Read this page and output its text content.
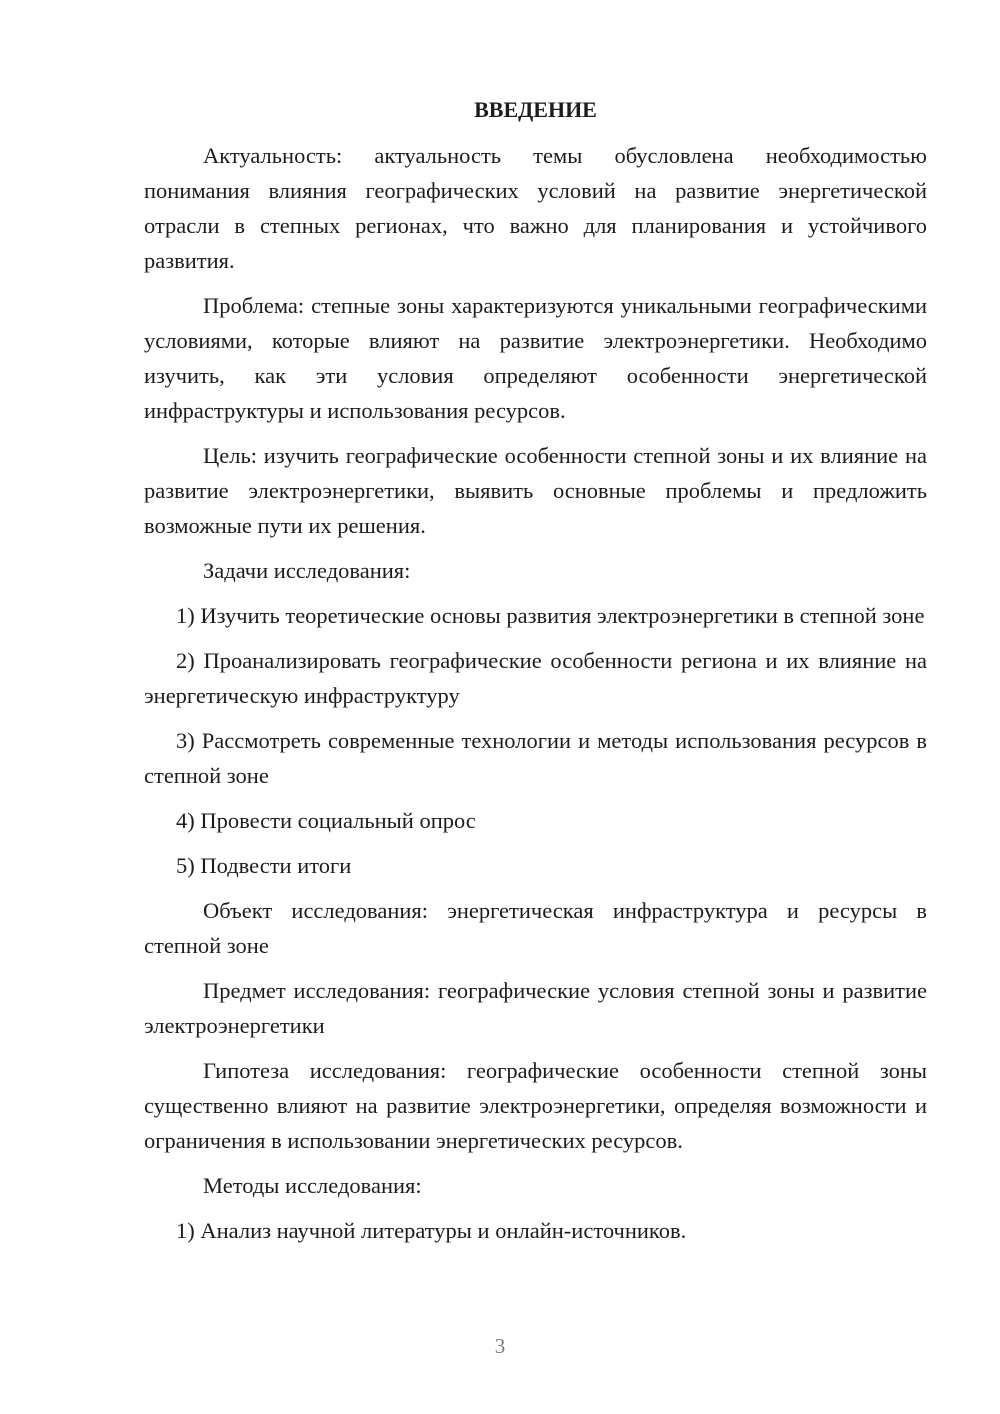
ВВЕДЕНИЕ

Актуальность: актуальность темы обусловлена необходимостью понимания влияния географических условий на развитие энергетической отрасли в степных регионах, что важно для планирования и устойчивого развития.

Проблема: степные зоны характеризуются уникальными географическими условиями, которые влияют на развитие электроэнергетики. Необходимо изучить, как эти условия определяют особенности энергетической инфраструктуры и использования ресурсов.

Цель: изучить географические особенности степной зоны и их влияние на развитие электроэнергетики, выявить основные проблемы и предложить возможные пути их решения.

Задачи исследования:

1) Изучить теоретические основы развития электроэнергетики в степной зоне

2) Проанализировать географические особенности региона и их влияние на энергетическую инфраструктуру

3) Рассмотреть современные технологии и методы использования ресурсов в степной зоне

4) Провести социальный опрос

5) Подвести итоги

Объект исследования: энергетическая инфраструктура и ресурсы в степной зоне

Предмет исследования: географические условия степной зоны и развитие электроэнергетики

Гипотеза исследования: географические особенности степной зоны существенно влияют на развитие электроэнергетики, определяя возможности и ограничения в использовании энергетических ресурсов.

Методы исследования:

1) Анализ научной литературы и онлайн-источников.

3
